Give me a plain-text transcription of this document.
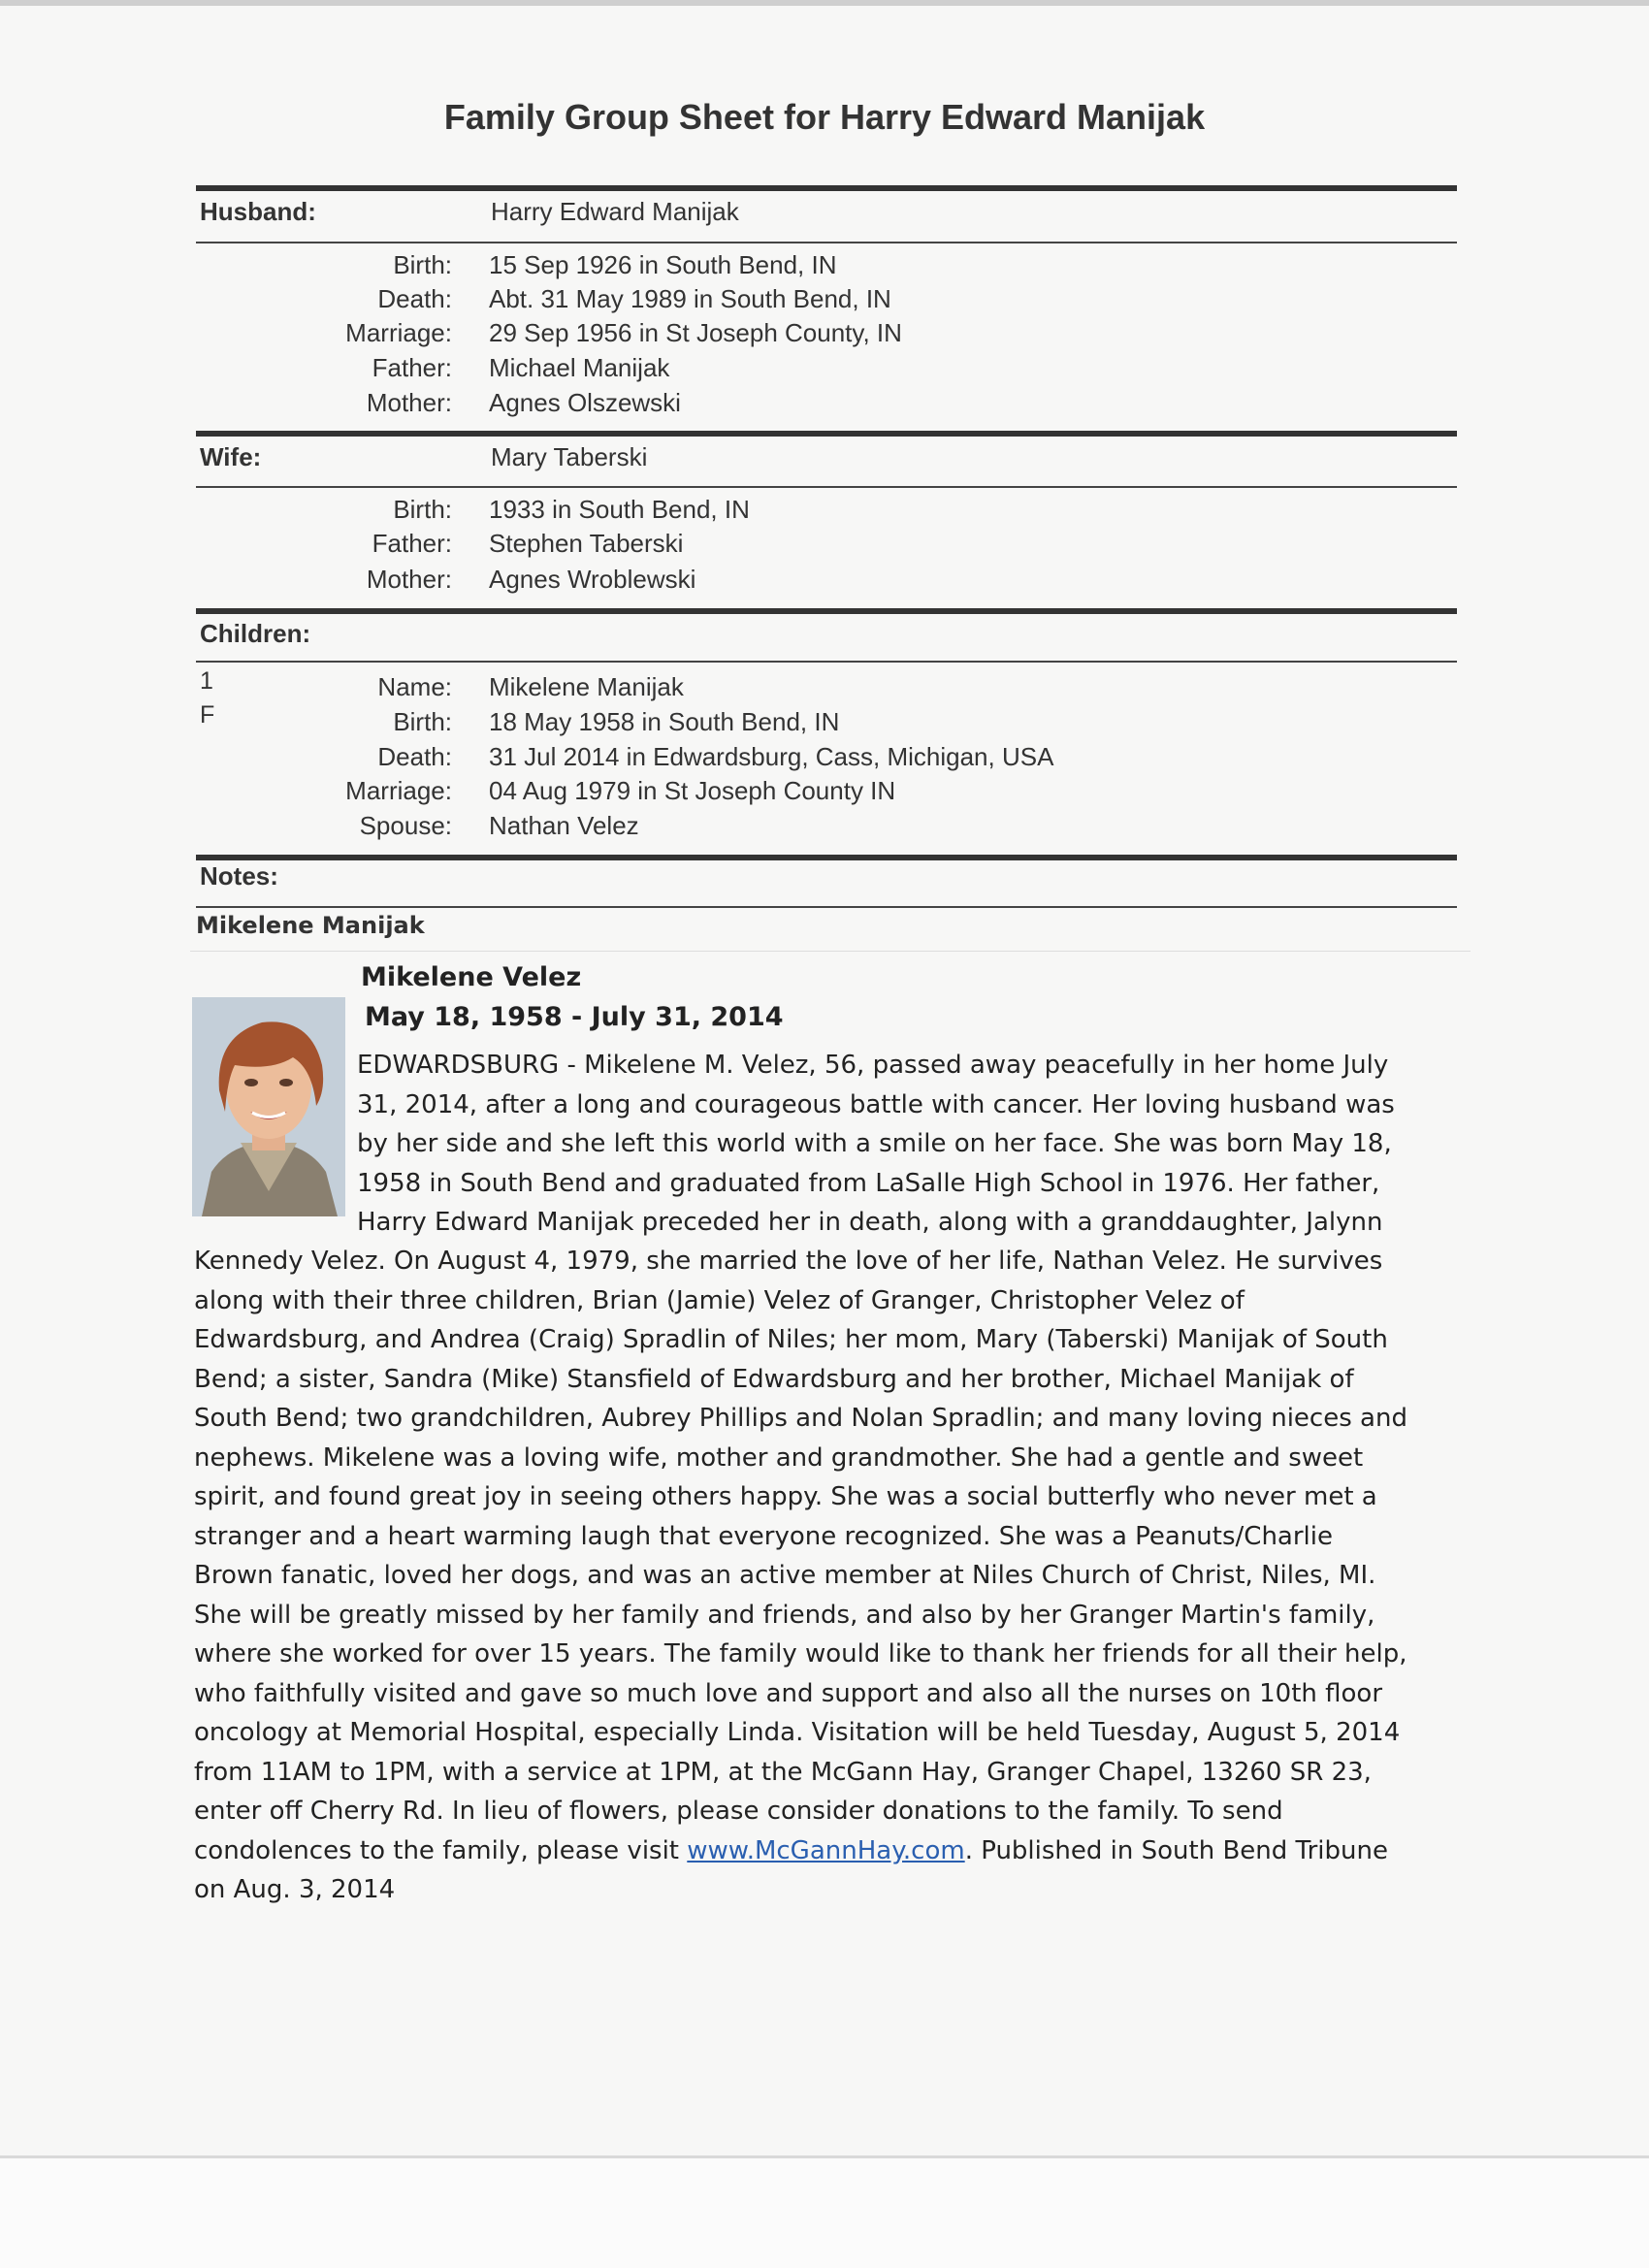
Family Group Sheet for Harry Edward Manijak
Husband:	Harry Edward Manijak
Birth: 15 Sep 1926 in South Bend, IN
Death: Abt. 31 May 1989 in South Bend, IN
Marriage: 29 Sep 1956 in St Joseph County, IN
Father: Michael Manijak
Mother: Agnes Olszewski
Wife:	Mary Taberski
Birth: 1933 in South Bend, IN
Father: Stephen Taberski
Mother: Agnes Wroblewski
Children:
1
F
Name: Mikelene Manijak
Birth: 18 May 1958 in South Bend, IN
Death: 31 Jul 2014 in Edwardsburg, Cass, Michigan, USA
Marriage: 04 Aug 1979 in St Joseph County IN
Spouse: Nathan Velez
Notes:
Mikelene Manijak
Mikelene Velez
May 18, 1958 - July 31, 2014
EDWARDSBURG - Mikelene M. Velez, 56, passed away peacefully in her home July
31, 2014, after a long and courageous battle with cancer. Her loving husband was
by her side and she left this world with a smile on her face. She was born May 18,
1958 in South Bend and graduated from LaSalle High School in 1976. Her father,
Harry Edward Manijak preceded her in death, along with a granddaughter, Jalynn
Kennedy Velez. On August 4, 1979, she married the love of her life, Nathan Velez. He survives
along with their three children, Brian (Jamie) Velez of Granger, Christopher Velez of
Edwardsburg, and Andrea (Craig) Spradlin of Niles; her mom, Mary (Taberski) Manijak of South
Bend; a sister, Sandra (Mike) Stansfield of Edwardsburg and her brother, Michael Manijak of
South Bend; two grandchildren, Aubrey Phillips and Nolan Spradlin; and many loving nieces and
nephews. Mikelene was a loving wife, mother and grandmother. She had a gentle and sweet
spirit, and found great joy in seeing others happy. She was a social butterfly who never met a
stranger and a heart warming laugh that everyone recognized. She was a Peanuts/Charlie
Brown fanatic, loved her dogs, and was an active member at Niles Church of Christ, Niles, MI.
She will be greatly missed by her family and friends, and also by her Granger Martin's family,
where she worked for over 15 years. The family would like to thank her friends for all their help,
who faithfully visited and gave so much love and support and also all the nurses on 10th floor
oncology at Memorial Hospital, especially Linda. Visitation will be held Tuesday, August 5, 2014
from 11AM to 1PM, with a service at 1PM, at the McGann Hay, Granger Chapel, 13260 SR 23,
enter off Cherry Rd. In lieu of flowers, please consider donations to the family. To send
condolences to the family, please visit www.McGannHay.com. Published in South Bend Tribune
on Aug. 3, 2014
